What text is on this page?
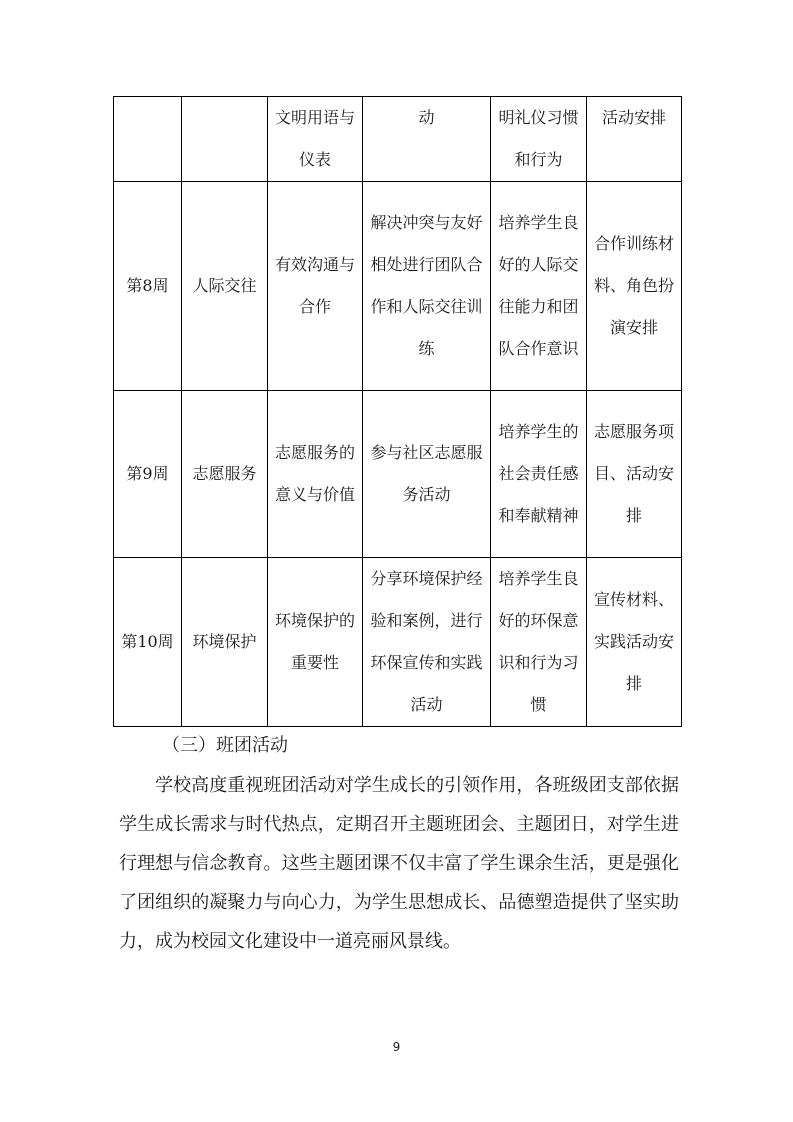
		文明用语与仪表	动	明礼仪习惯和行为	活动安排

第8周	人际交往	有效沟通与合作	解决冲突与友好相处进行团队合作和人际交往训练	培养学生良好的人际交往能力和团队合作意识	合作训练材料、角色扮演安排

第9周	志愿服务	志愿服务的意义与价值	参与社区志愿服务活动	培养学生的社会责任感和奉献精神	志愿服务项目、活动安排

第10周	环境保护	环境保护的重要性	分享环境保护经验和案例，进行环保宣传和实践活动	培养学生良好的环保意识和行为习惯	宣传材料、实践活动安排
（三）班团活动

学校高度重视班团活动对学生成长的引领作用，各班级团支部依据学生成长需求与时代热点，定期召开主题班团会、主题团日，对学生进行理想与信念教育。这些主题团课不仅丰富了学生课余生活，更是强化了团组织的凝聚力与向心力，为学生思想成长、品德塑造提供了坚实助力，成为校园文化建设中一道亮丽风景线。

9
